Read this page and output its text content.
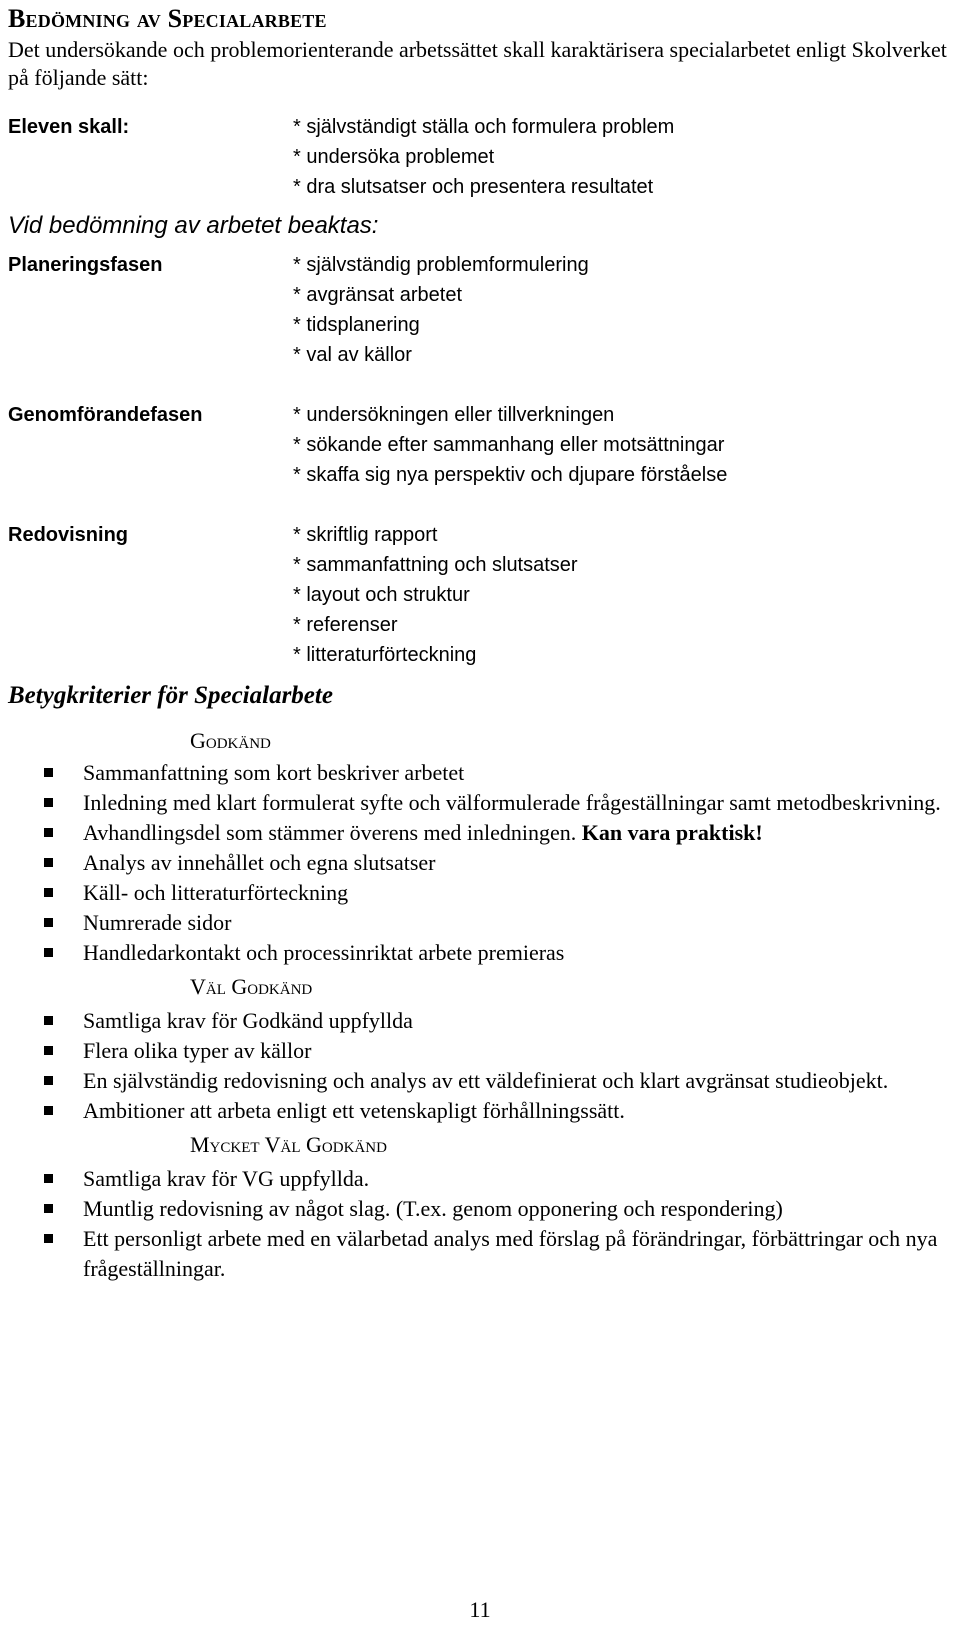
Bedömning av Specialarbete
Det undersökande och problemorienterande arbetssättet skall karaktärisera specialarbetet enligt Skolverket på följande sätt:
Eleven skall:	* självständigt ställa och formulera problem
* undersöka problemet
* dra slutsatser och presentera resultatet
Vid bedömning av arbetet beaktas:
Planeringsfasen	* självständig problemformulering
* avgränsat arbetet
* tidsplanering
* val av källor
Genomförandefasen	* undersökningen eller tillverkningen
* sökande efter sammanhang eller motsättningar
* skaffa sig nya perspektiv och djupare förståelse
Redovisning	* skriftlig rapport
* sammanfattning och slutsatser
* layout och struktur
* referenser
* litteraturförteckning
Betygkriterier för Specialarbete
Godkänd
Sammanfattning som kort beskriver arbetet
Inledning med klart formulerat syfte och välformulerade frågeställningar samt metodbeskrivning.
Avhandlingsdel som stämmer överens med inledningen. Kan vara praktisk!
Analys av innehållet och egna slutsatser
Käll- och litteraturförteckning
Numrerade sidor
Handledarkontakt och processinriktat arbete premieras
Väl Godkänd
Samtliga krav för Godkänd uppfyllda
Flera olika typer av källor
En självständig redovisning och analys av ett väldefinierat och klart avgränsat studieobjekt.
Ambitioner att arbeta enligt ett vetenskapligt förhållningssätt.
Mycket Väl Godkänd
Samtliga krav för VG uppfyllda.
Muntlig redovisning av något slag. (T.ex. genom opponering och respondering)
Ett personligt arbete med en välarbetad analys med förslag på förändringar, förbättringar och nya frågeställningar.
11
